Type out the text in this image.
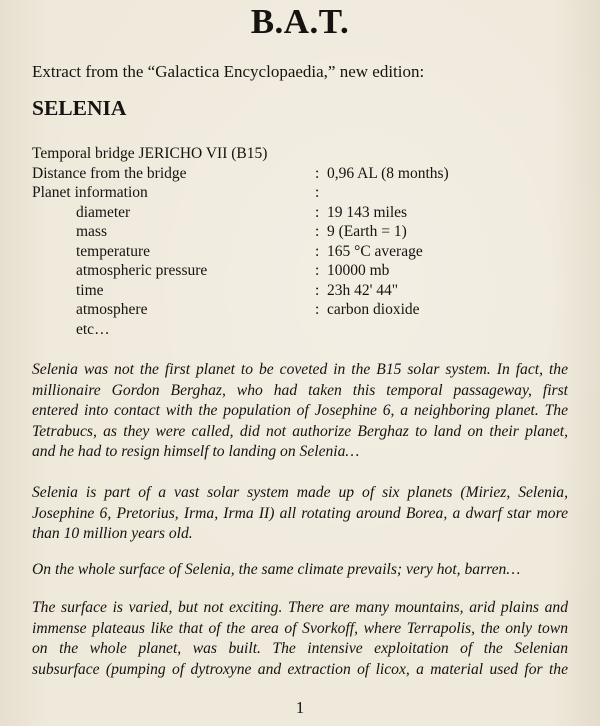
B.A.T.
Extract from the “Galactica Encyclopaedia,” new edition:
SELENIA
Temporal bridge JERICHO VII (B15)
Distance from the bridge	: 0,96 AL (8 months)
Planet information	:
diameter	: 19 143 miles
mass	: 9 (Earth = 1)
temperature	: 165 °C average
atmospheric pressure	: 10000 mb
time	: 23h 42' 44"
atmosphere	: carbon dioxide
etc…
Selenia was not the first planet to be coveted in the B15 solar system. In fact, the
millionaire Gordon Berghaz, who had taken this temporal passageway, first
entered into contact with the population of Josephine 6, a neighboring planet. The
Tetrabucs, as they were called, did not authorize Berghaz to land on their planet,
and he had to resign himself to landing on Selenia…
Selenia is part of a vast solar system made up of six planets (Miriez, Selenia,
Josephine 6, Pretorius, Irma, Irma II) all rotating around Borea, a dwarf star more
than 10 million years old.
On the whole surface of Selenia, the same climate prevails; very hot, barren…
The surface is varied, but not exciting. There are many mountains, arid plains and
immense plateaus like that of the area of Svorkoff, where Terrapolis, the only town
on the whole planet, was built. The intensive exploitation of the Selenian
subsurface (pumping of dytroxyne and extraction of licox, a material used for the
1
